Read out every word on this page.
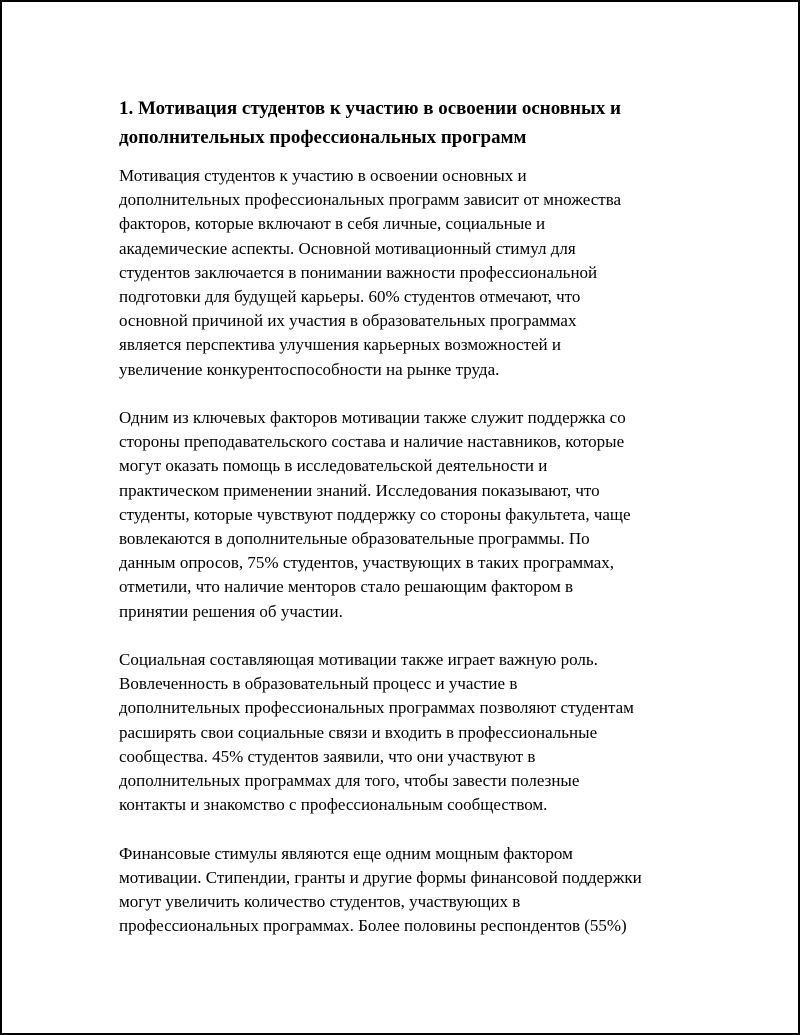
1. Мотивация студентов к участию в освоении основных и
дополнительных профессиональных программ

Мотивация студентов к участию в освоении основных и
дополнительных профессиональных программ зависит от множества
факторов, которые включают в себя личные, социальные и
академические аспекты. Основной мотивационный стимул для
студентов заключается в понимании важности профессиональной
подготовки для будущей карьеры. 60% студентов отмечают, что
основной причиной их участия в образовательных программах
является перспектива улучшения карьерных возможностей и
увеличение конкурентоспособности на рынке труда.

Одним из ключевых факторов мотивации также служит поддержка со
стороны преподавательского состава и наличие наставников, которые
могут оказать помощь в исследовательской деятельности и
практическом применении знаний. Исследования показывают, что
студенты, которые чувствуют поддержку со стороны факультета, чаще
вовлекаются в дополнительные образовательные программы. По
данным опросов, 75% студентов, участвующих в таких программах,
отметили, что наличие менторов стало решающим фактором в
принятии решения об участии.

Социальная составляющая мотивации также играет важную роль.
Вовлеченность в образовательный процесс и участие в
дополнительных профессиональных программах позволяют студентам
расширять свои социальные связи и входить в профессиональные
сообщества. 45% студентов заявили, что они участвуют в
дополнительных программах для того, чтобы завести полезные
контакты и знакомство с профессиональным сообществом.

Финансовые стимулы являются еще одним мощным фактором
мотивации. Стипендии, гранты и другие формы финансовой поддержки
могут увеличить количество студентов, участвующих в
профессиональных программах. Более половины респондентов (55%)
